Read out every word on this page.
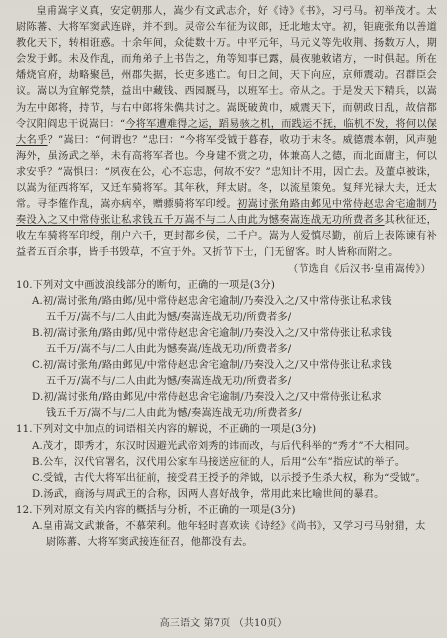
皇甫嵩字义真，安定朝那人，嵩少有文武志介，好《诗》《书》，习弓马。初举茂才。太尉陈蕃、大将军窦武连辟，并不到。灵帝公车征为议郎，迁北地太守。初，钜鹿张角以善道教化天下，转相诳惑。十余年间，众徒数十万。中平元年，马元义等先收荆、扬数万人，期会发于邺。未及作乱，而角弟子上书告之，角等知事已露，晨夜驰敕诸方，一时俱起。所在燔烧官府，劫略聚邑，州郡失据，长吏多逃亡。旬日之间，天下向应，京师震动。召群臣会议。嵩以为宜解党禁，益出中藏钱、西园厩马，以班军士。帝从之。于是发天下精兵，以嵩为左中郎将，持节，与右中郎将朱儁共讨之。嵩既破黄巾，威震天下，而朝政日乱，故信都令汉阳阎忠干说嵩曰：“今将军遭难得之运，蹈易骇之机，而践运不抚，临机不发，将何以保大名乎？”嵩曰：“何谓也？”忠曰：“今将军受钺于暮春，收功于末冬。威德震本朝，风声驰海外，虽汤武之举，未有高将军者也。今身建不赏之功，体兼高人之德，而北面庸主，何以求安乎？”嵩惧曰：“夙夜在公，心不忘忠，何故不安？”忠知计不用，因亡去。及董卓被诛，以嵩为征西将军，又迁车骑将军。其年秋，拜太尉。冬，以流星策免。复拜光禄大夫，迁太常。寻李傕作乱，嵩亦病卒，赠骠骑将军印绶。初嵩讨张角路由邺见中常侍赵忠舍宅逾制乃奏没入之又中常侍张让私求钱五千万嵩不与二人由此为憾奏嵩连战无功所费者多其秋征还，收左车骑将军印绶，削户六千，更封都乡侯，二千户。嵩为人爱慎尽勤，前后上表陈谏有补益者五百余事，皆手书毁草，不宣于外。又折节下士，门无留客。时人皆称而附之。

（节选自《后汉书·皇甫嵩传》）
10.下列对文中画波浪线部分的断句，正确的一项是(3分)
A.初/嵩讨张角/路由邺/见中常侍赵忠舍宅逾制/乃奏没入之/又中常侍张让私求钱
五千万/嵩不与/二人由此为憾/奏嵩连战无功/所费者多/
B.初/嵩讨张角/路由邺/见中常侍赵忠舍宅逾制/乃奏没入之/又中常侍张让私求钱
五千万/嵩不与/二人由此为憾奏嵩/连战无功/所费者多/
C.初/嵩讨张角/路由邺见/中常侍赵忠舍宅逾制/乃奏没入之/又中常侍张让私求钱
五千万/嵩不与/二人由此为憾/奏嵩连战无功/所费者多/
D.初/嵩讨张角/路由邺见/中常侍赵忠舍宅逾制/乃奏没入之/又中常侍张让私求
钱五千万/嵩不与/二人由此为憾/奏嵩连战无功/所费者多/
11.下列对文中加点的词语相关内容的解说，不正确的一项是(3分)
A.茂才，即秀才，东汉时因避光武帝刘秀的讳而改，与后代科举的“秀才”不大相同。
B.公车，汉代官署名，汉代用公家车马接送应征的人，后用“公车”指应试的举子。
C.受钺，古代大将军出征前，接受君王授予的斧钺，以示授予生杀大权，称为“受钺”。
D.汤武，商汤与周武王的合称，因两人喜好战争，常用此来比喻世间的暴君。
12.下列对原文有关内容的概括与分析，不正确的一项是(3分)
A.皇甫嵩文武兼备，不慕荣利。他年轻时喜欢读《诗经》《尚书》，又学习弓马射猎，太
尉陈蕃、大将军窦武接连征召，他都没有去。
高三语文 第7页 （共10页）
